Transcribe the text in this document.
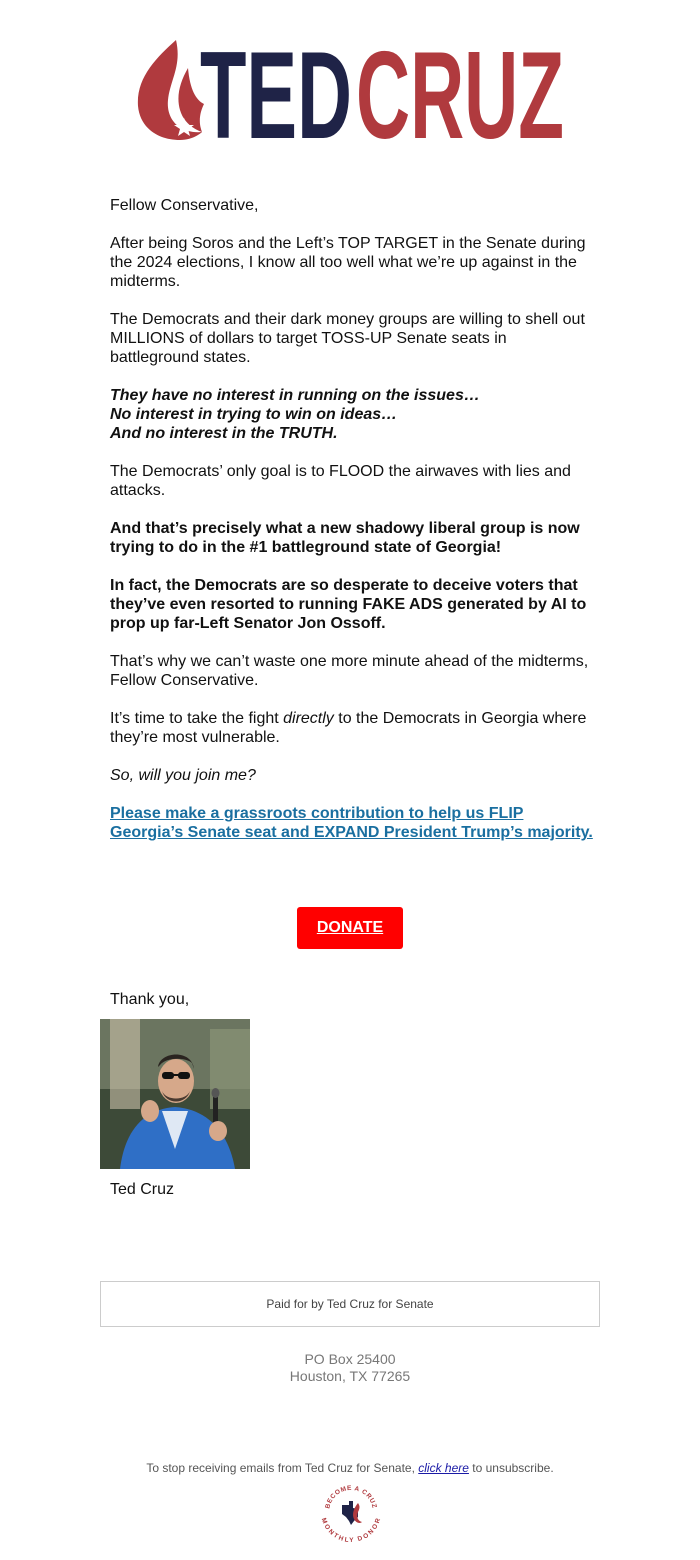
TED CRUZ

Fellow Conservative,

After being Soros and the Left’s TOP TARGET in the Senate during the 2024 elections, I know all too well what we’re up against in the midterms.

The Democrats and their dark money groups are willing to shell out MILLIONS of dollars to target TOSS-UP Senate seats in battleground states.

They have no interest in running on the issues…
No interest in trying to win on ideas…
And no interest in the TRUTH.

The Democrats’ only goal is to FLOOD the airwaves with lies and attacks.

And that’s precisely what a new shadowy liberal group is now trying to do in the #1 battleground state of Georgia!

In fact, the Democrats are so desperate to deceive voters that they’ve even resorted to running FAKE ADS generated by AI to prop up far-Left Senator Jon Ossoff.

That’s why we can’t waste one more minute ahead of the midterms, Fellow Conservative.

It’s time to take the fight directly to the Democrats in Georgia where they’re most vulnerable.

So, will you join me?

Please make a grassroots contribution to help us FLIP Georgia’s Senate seat and EXPAND President Trump’s majority.
DONATE
Thank you,
Ted Cruz
Paid for by Ted Cruz for Senate
PO Box 25400
Houston, TX 77265
To stop receiving emails from Ted Cruz for Senate, click here to unsubscribe.
BECOME A CRUZ
MONTHLY DONOR
